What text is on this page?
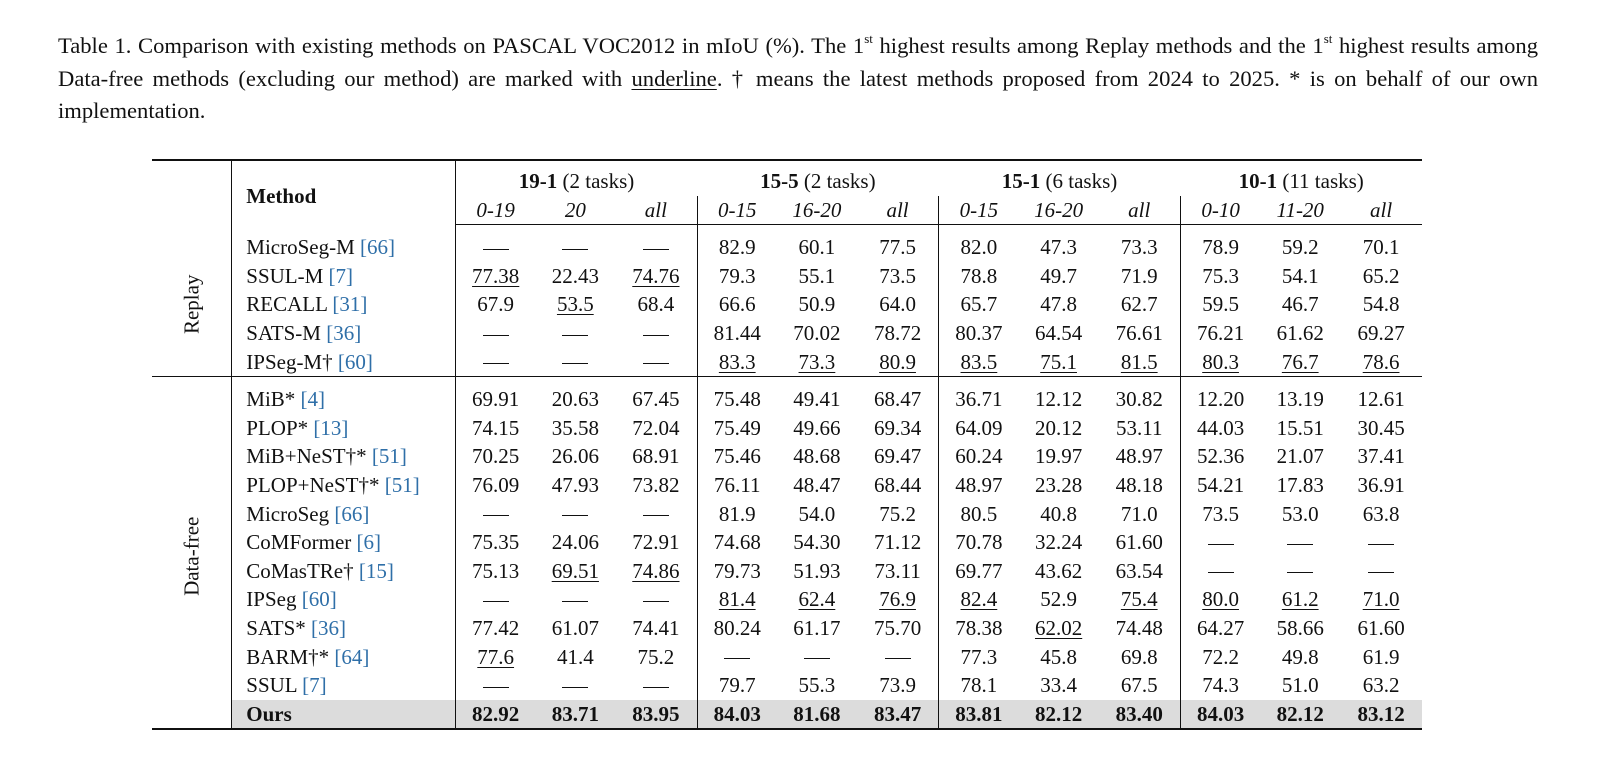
Table 1. Comparison with existing methods on PASCAL VOC2012 in mIoU (%). The 1st highest results among Replay methods and the 1st highest results among Data-free methods (excluding our method) are marked with underline. † means the latest methods proposed from 2024 to 2025. * is on behalf of our own implementation.
	Method	19-1 (2 tasks)			15-5 (2 tasks)			15-1 (6 tasks)			10-1 (11 tasks)		
		0-19	20	all	0-15	16-20	all	0-15	16-20	all	0-10	11-20	all
Replay	MicroSeg-M [66]				82.9	60.1	77.5	82.0	47.3	73.3	78.9	59.2	70.1
	SSUL-M [7]	77.38	22.43	74.76	79.3	55.1	73.5	78.8	49.7	71.9	75.3	54.1	65.2
	RECALL [31]	67.9	53.5	68.4	66.6	50.9	64.0	65.7	47.8	62.7	59.5	46.7	54.8
	SATS-M [36]				81.44	70.02	78.72	80.37	64.54	76.61	76.21	61.62	69.27
	IPSeg-M† [60]				83.3	73.3	80.9	83.5	75.1	81.5	80.3	76.7	78.6
Data-free	MiB* [4]	69.91	20.63	67.45	75.48	49.41	68.47	36.71	12.12	30.82	12.20	13.19	12.61
	PLOP* [13]	74.15	35.58	72.04	75.49	49.66	69.34	64.09	20.12	53.11	44.03	15.51	30.45
	MiB+NeST†* [51]	70.25	26.06	68.91	75.46	48.68	69.47	60.24	19.97	48.97	52.36	21.07	37.41
	PLOP+NeST†* [51]	76.09	47.93	73.82	76.11	48.47	68.44	48.97	23.28	48.18	54.21	17.83	36.91
	MicroSeg [66]				81.9	54.0	75.2	80.5	40.8	71.0	73.5	53.0	63.8
	CoMFormer [6]	75.35	24.06	72.91	74.68	54.30	71.12	70.78	32.24	61.60			
	CoMasTRe† [15]	75.13	69.51	74.86	79.73	51.93	73.11	69.77	43.62	63.54			
	IPSeg [60]				81.4	62.4	76.9	82.4	52.9	75.4	80.0	61.2	71.0
	SATS* [36]	77.42	61.07	74.41	80.24	61.17	75.70	78.38	62.02	74.48	64.27	58.66	61.60
	BARM†* [64]	77.6	41.4	75.2				77.3	45.8	69.8	72.2	49.8	61.9
	SSUL [7]				79.7	55.3	73.9	78.1	33.4	67.5	74.3	51.0	63.2
	Ours	82.92	83.71	83.95	84.03	81.68	83.47	83.81	82.12	83.40	84.03	82.12	83.12
